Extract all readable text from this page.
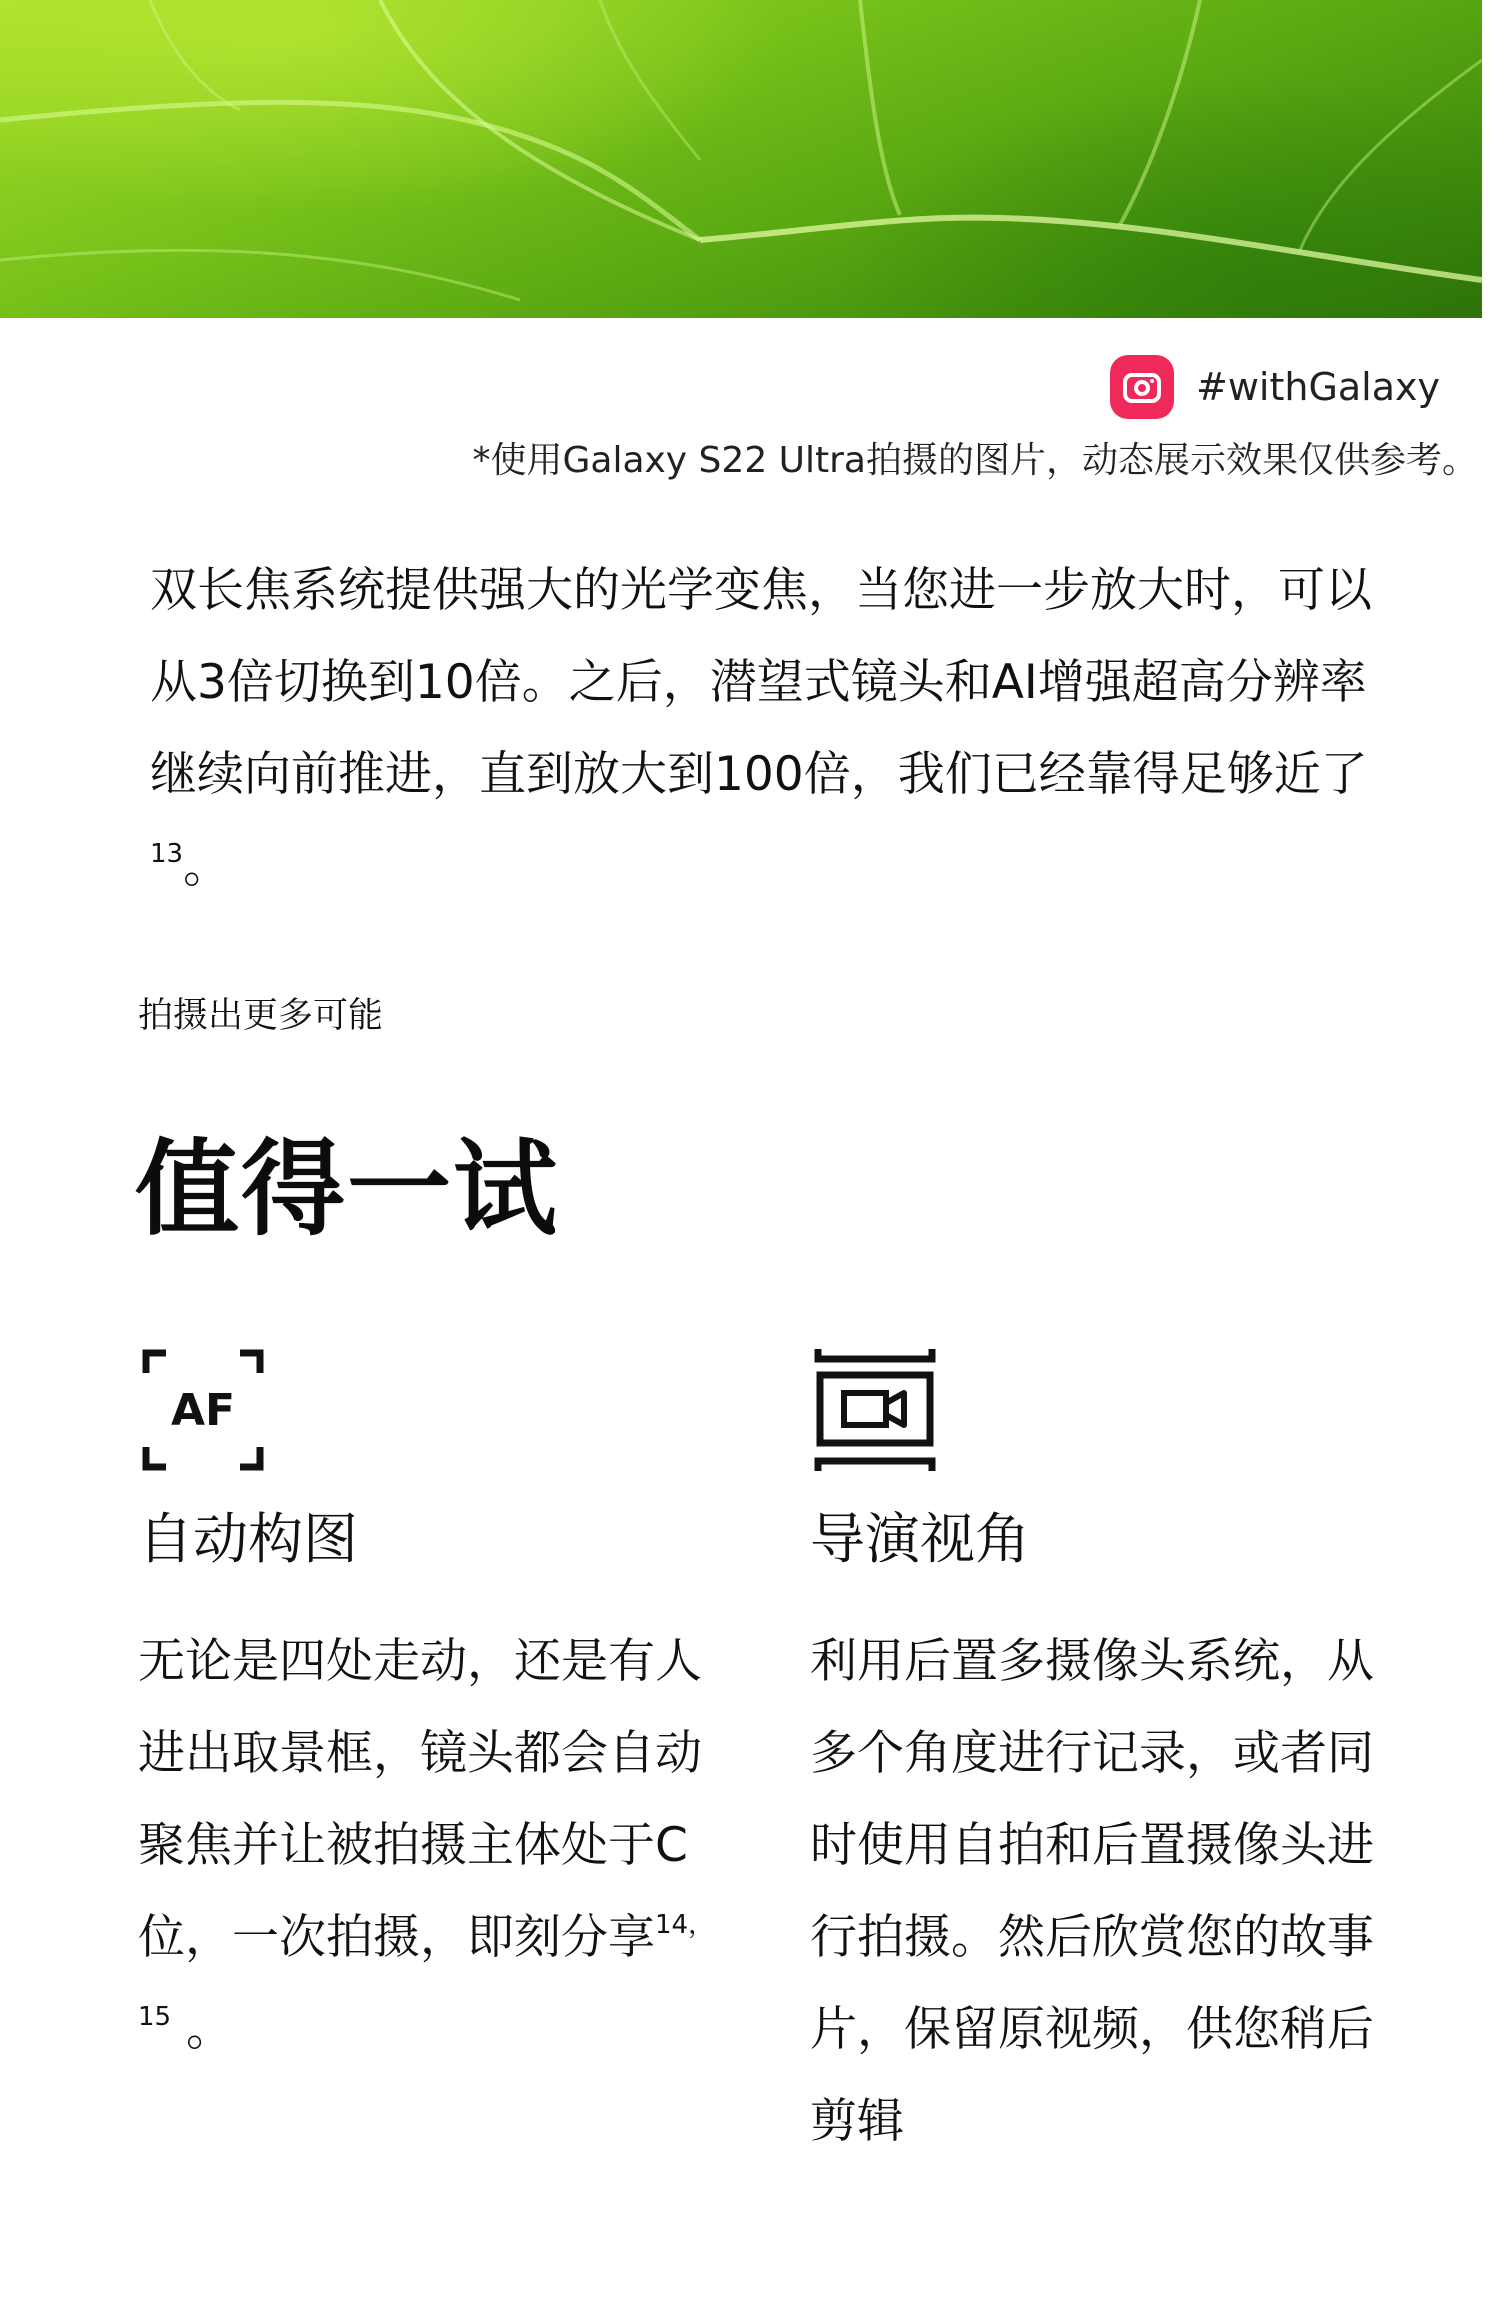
#withGalaxy
*使用Galaxy S22 Ultra拍摄的图片，动态展示效果仅供参考。

双长焦系统提供强大的光学变焦，当您进一步放大时，可以从3倍切换到10倍。之后，潜望式镜头和AI增强超高分辨率继续向前推进，直到放大到100倍，我们已经靠得足够近了$^{13}$。

拍摄出更多可能
值得一试
AF
自动构图

无论是四处走动，还是有人进出取景框，镜头都会自动聚焦并让被拍摄主体处于C位，一次拍摄，即刻分享$^{14,15}$ 。

导演视角

利用后置多摄像头系统，从多个角度进行记录，或者同时使用自拍和后置摄像头进行拍摄。然后欣赏您的故事片，保留原视频，供您稍后剪辑
